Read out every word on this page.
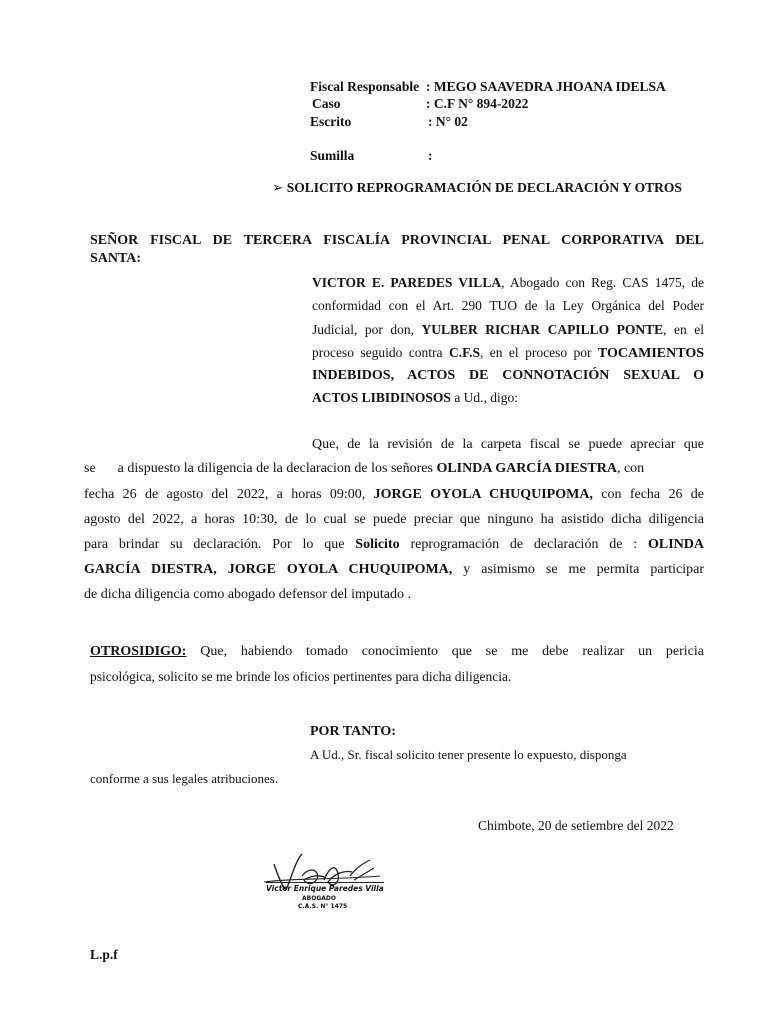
Fiscal Responsable : MEGO SAAVEDRA JHOANA IDELSA
Caso	: C.F N° 894-2022
Escrito	: N° 02
Sumilla	:
➢ SOLICITO REPROGRAMACIÓN DE DECLARACIÓN Y OTROS
SEÑOR FISCAL DE TERCERA FISCALÍA PROVINCIAL PENAL CORPORATIVA DEL
SANTA:
VICTOR E. PAREDES VILLA, Abogado con Reg. CAS 1475, de
conformidad con el Art. 290 TUO de la Ley Orgánica del Poder
Judicial, por don, YULBER RICHAR CAPILLO PONTE, en el
proceso seguido contra C.F.S, en el proceso por TOCAMIENTOS
INDEBIDOS, ACTOS DE CONNOTACIÓN SEXUAL O
ACTOS LIBIDINOSOS a Ud., digo:
Que, de la revisión de la carpeta fiscal se puede apreciar que
se a dispuesto la diligencia de la declaracion de los señores OLINDA GARCÍA DIESTRA, con
fecha 26 de agosto del 2022, a horas 09:00, JORGE OYOLA CHUQUIPOMA, con fecha 26 de
agosto del 2022, a horas 10:30, de lo cual se puede preciar que ninguno ha asistido dicha diligencia
para brindar su declaración. Por lo que Solicito reprogramación de declaración de : OLINDA
GARCÍA DIESTRA, JORGE OYOLA CHUQUIPOMA, y asimismo se me permita participar
de dicha diligencia como abogado defensor del imputado .
OTROSIDIGO: Que, habiendo tomado conocimiento que se me debe realizar un pericia
psicológica, solicito se me brinde los oficios pertinentes para dicha diligencia.
POR TANTO:
A Ud., Sr. fiscal solicito tener presente lo expuesto, disponga
conforme a sus legales atribuciones.
Chimbote, 20 de setiembre del 2022
Victor Enrique Paredes Villa
ABOGADO
C.A.S. N° 1475
L.p.f
